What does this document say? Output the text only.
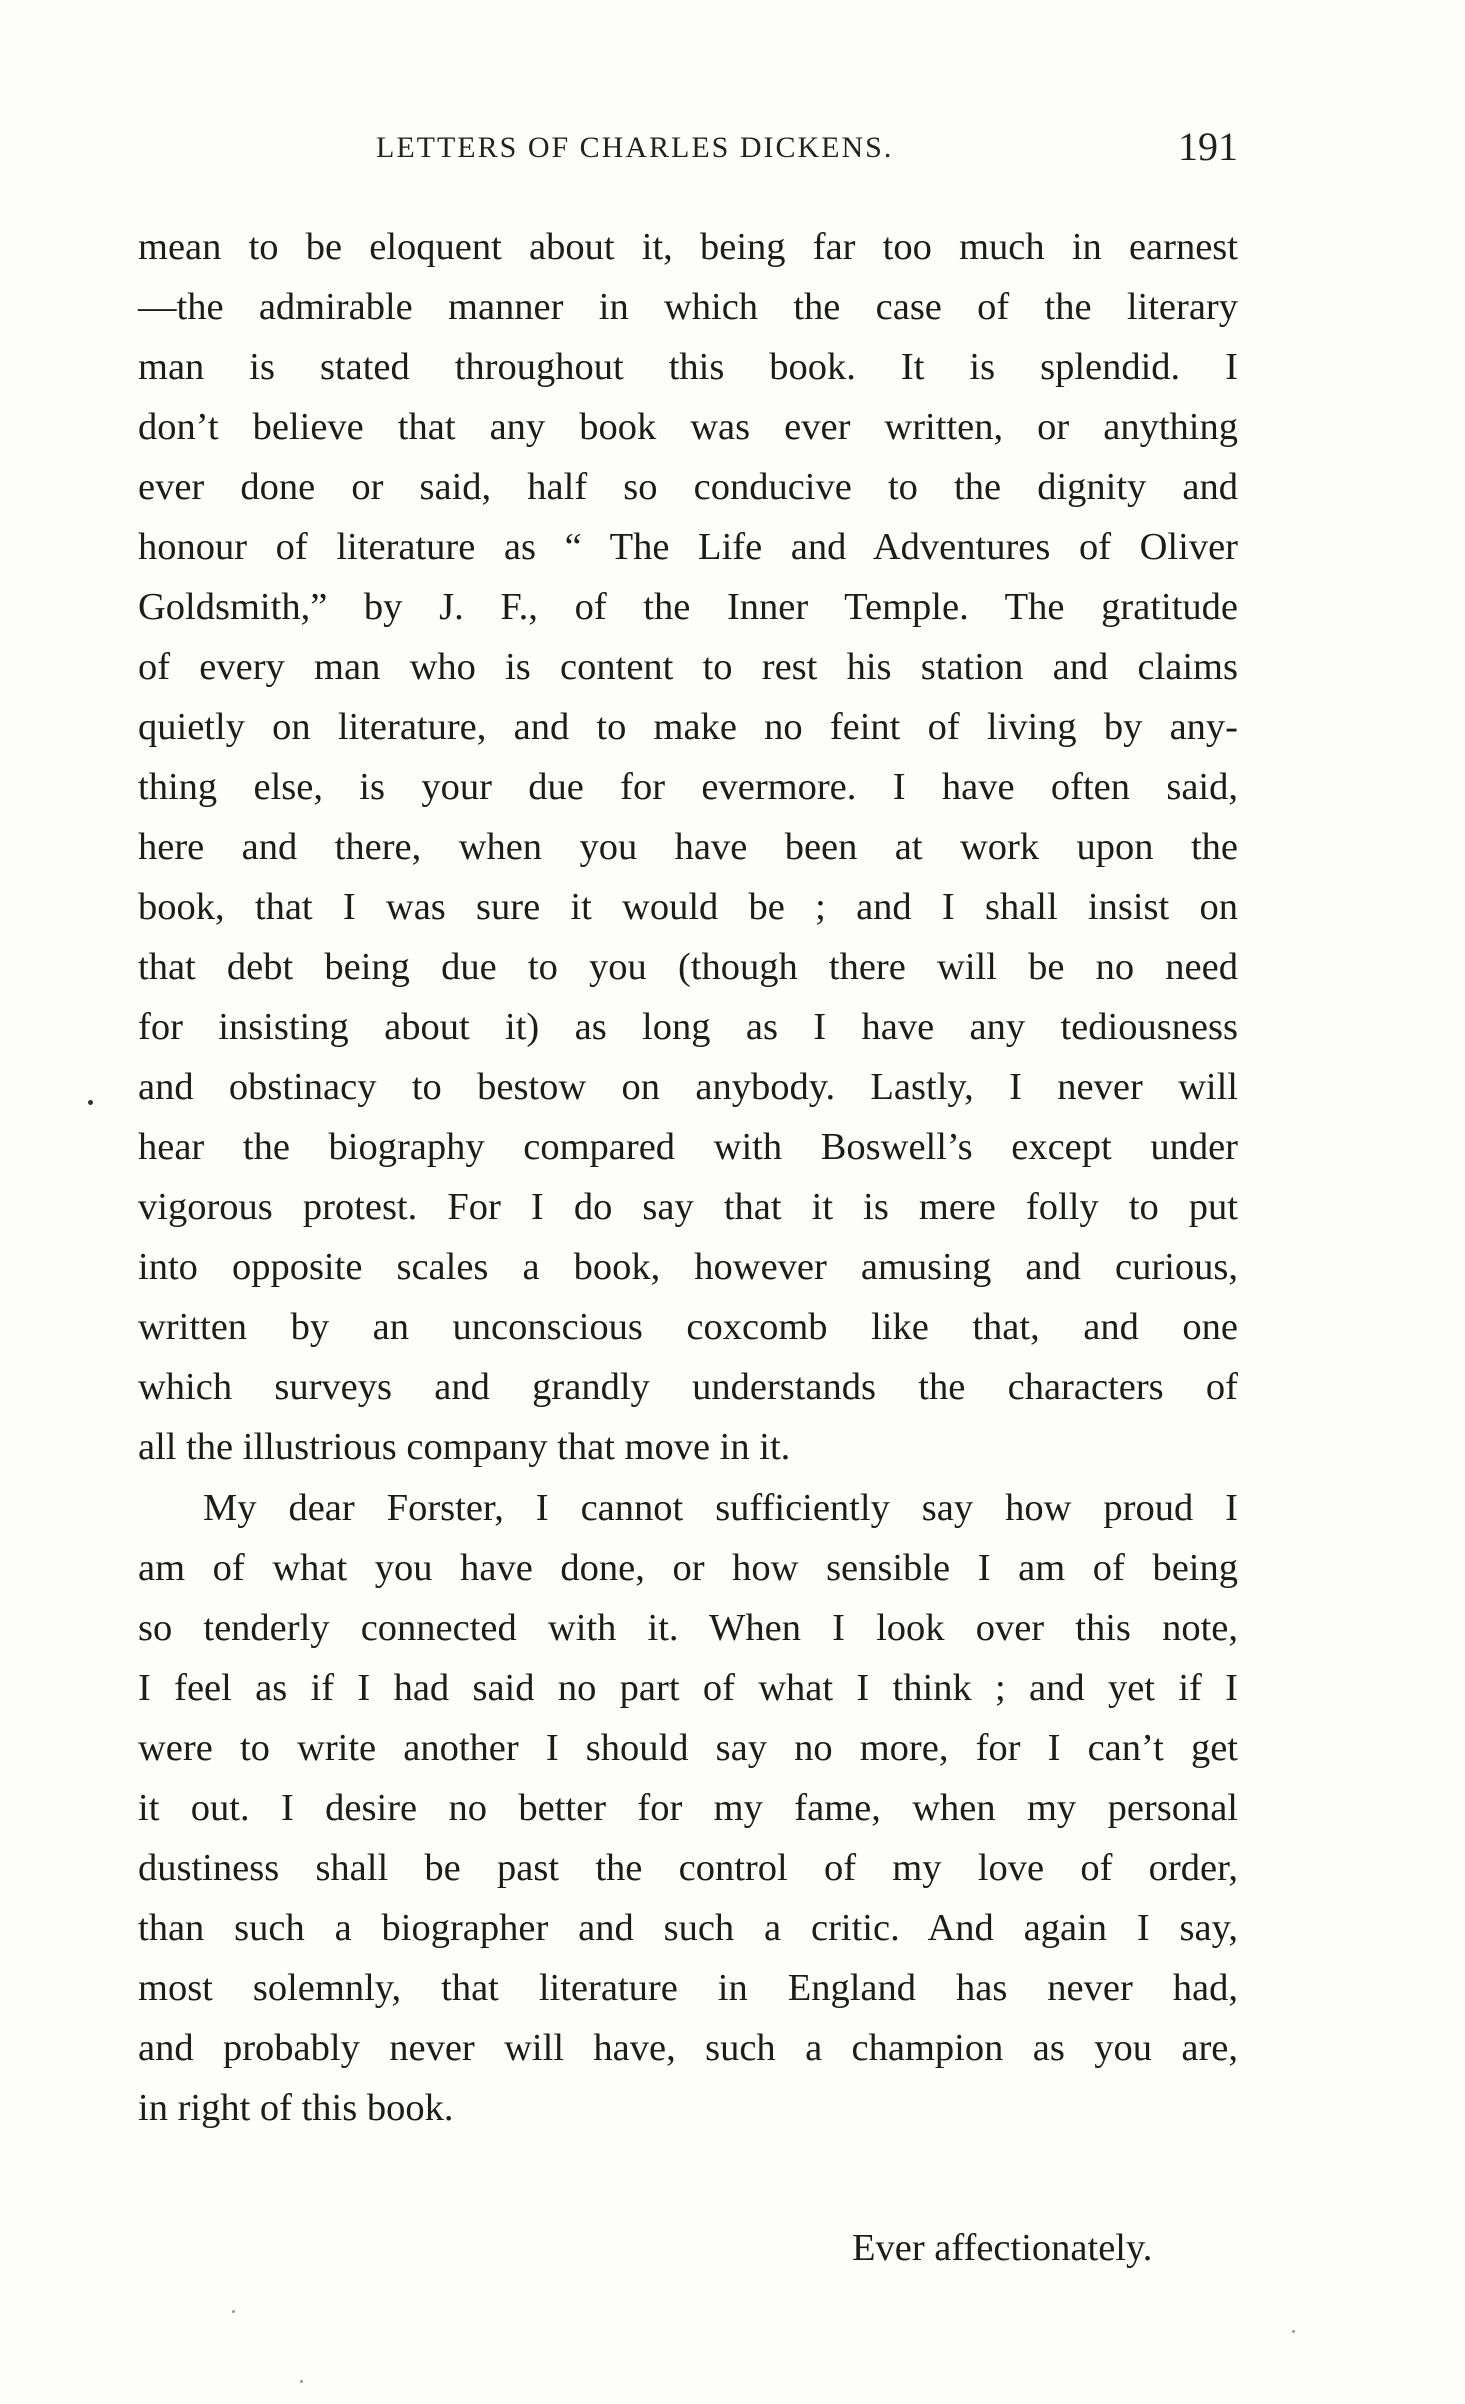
LETTERS OF CHARLES DICKENS.	191

mean to be eloquent about it, being far too much in earnest

—the admirable manner in which the case of the literary

man is stated throughout this book. It is splendid. I

don’t believe that any book was ever written, or anything

ever done or said, half so conducive to the dignity and

honour of literature as “ The Life and Adventures of Oliver

Goldsmith,” by J. F., of the Inner Temple. The gratitude

of every man who is content to rest his station and claims

quietly on literature, and to make no feint of living by any-

thing else, is your due for evermore. I have often said,

here and there, when you have been at work upon the

book, that I was sure it would be ; and I shall insist on

that debt being due to you (though there will be no need

for insisting about it) as long as I have any tediousness

and obstinacy to bestow on anybody. Lastly, I never will

hear the biography compared with Boswell’s except under

vigorous protest. For I do say that it is mere folly to put

into opposite scales a book, however amusing and curious,

written by an unconscious coxcomb like that, and one

which surveys and grandly understands the characters of

all the illustrious company that move in it.

My dear Forster, I cannot sufficiently say how proud I

am of what you have done, or how sensible I am of being

so tenderly connected with it. When I look over this note,

I feel as if I had said no part of what I think ; and yet if I

were to write another I should say no more, for I can’t get

it out. I desire no better for my fame, when my personal

dustiness shall be past the control of my love of order,

than such a biographer and such a critic. And again I say,

most solemnly, that literature in England has never had,

and probably never will have, such a champion as you are,

in right of this book.

Ever affectionately.
